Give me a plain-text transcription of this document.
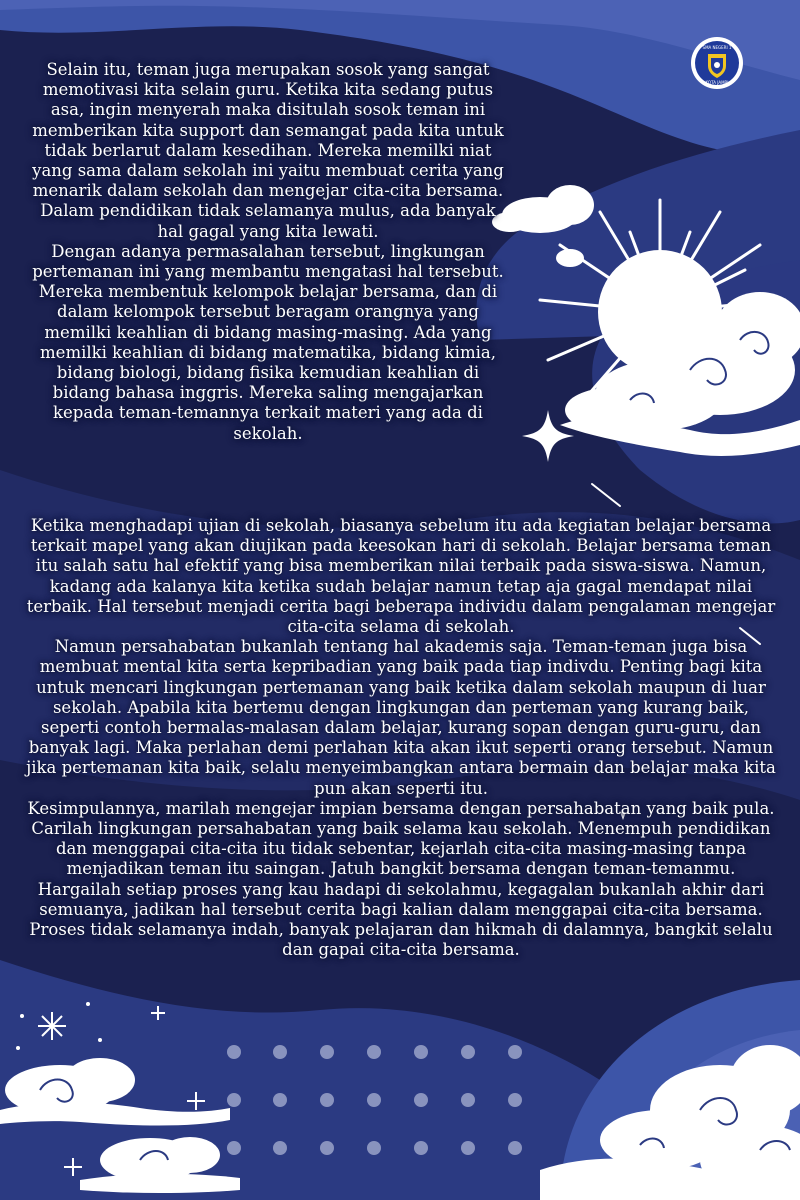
SMA NEGERI 1
KOTA JAMBI

Selain itu, teman juga merupakan sosok yang sangat memotivasi kita selain guru. Ketika kita sedang putus asa, ingin menyerah maka disitulah sosok teman ini memberikan kita support dan semangat pada kita untuk tidak berlarut dalam kesedihan. Mereka memilki niat yang sama dalam sekolah ini yaitu membuat cerita yang menarik dalam sekolah dan mengejar cita-cita bersama. Dalam pendidikan tidak selamanya mulus, ada banyak hal gagal yang kita lewati.

Dengan adanya permasalahan tersebut, lingkungan pertemanan ini yang membantu mengatasi hal tersebut. Mereka membentuk kelompok belajar bersama, dan di dalam kelompok tersebut beragam orangnya yang memilki keahlian di bidang masing-masing. Ada yang memilki keahlian di bidang matematika, bidang kimia, bidang biologi, bidang fisika kemudian keahlian di bidang bahasa inggris. Mereka saling mengajarkan kepada teman-temannya terkait materi yang ada di sekolah.

Ketika menghadapi ujian di sekolah, biasanya sebelum itu ada kegiatan belajar bersama terkait mapel yang akan diujikan pada keesokan hari di sekolah. Belajar bersama teman itu salah satu hal efektif yang bisa memberikan nilai terbaik pada siswa-siswa. Namun, kadang ada kalanya kita ketika sudah belajar namun tetap aja gagal mendapat nilai terbaik. Hal tersebut menjadi cerita bagi beberapa individu dalam pengalaman mengejar cita-cita selama di sekolah.

Namun persahabatan bukanlah tentang hal akademis saja. Teman-teman juga bisa membuat mental kita serta kepribadian yang baik pada tiap indivdu. Penting bagi kita untuk mencari lingkungan pertemanan yang baik ketika dalam sekolah maupun di luar sekolah. Apabila kita bertemu dengan lingkungan dan perteman yang kurang baik, seperti contoh bermalas-malasan dalam belajar, kurang sopan dengan guru-guru, dan banyak lagi. Maka perlahan demi perlahan kita akan ikut seperti orang tersebut. Namun jika pertemanan kita baik, selalu menyeimbangkan antara bermain dan belajar maka kita pun akan seperti itu.

Kesimpulannya, marilah mengejar impian bersama dengan persahabatan yang baik pula. Carilah lingkungan persahabatan yang baik selama kau sekolah. Menempuh pendidikan dan menggapai cita-cita itu tidak sebentar, kejarlah cita-cita masing-masing tanpa menjadikan teman itu saingan. Jatuh bangkit bersama dengan teman-temanmu. Hargailah setiap proses yang kau hadapi di sekolahmu, kegagalan bukanlah akhir dari semuanya, jadikan hal tersebut cerita bagi kalian dalam menggapai cita-cita bersama. Proses tidak selamanya indah, banyak pelajaran dan hikmah di dalamnya, bangkit selalu dan gapai cita-cita bersama.
